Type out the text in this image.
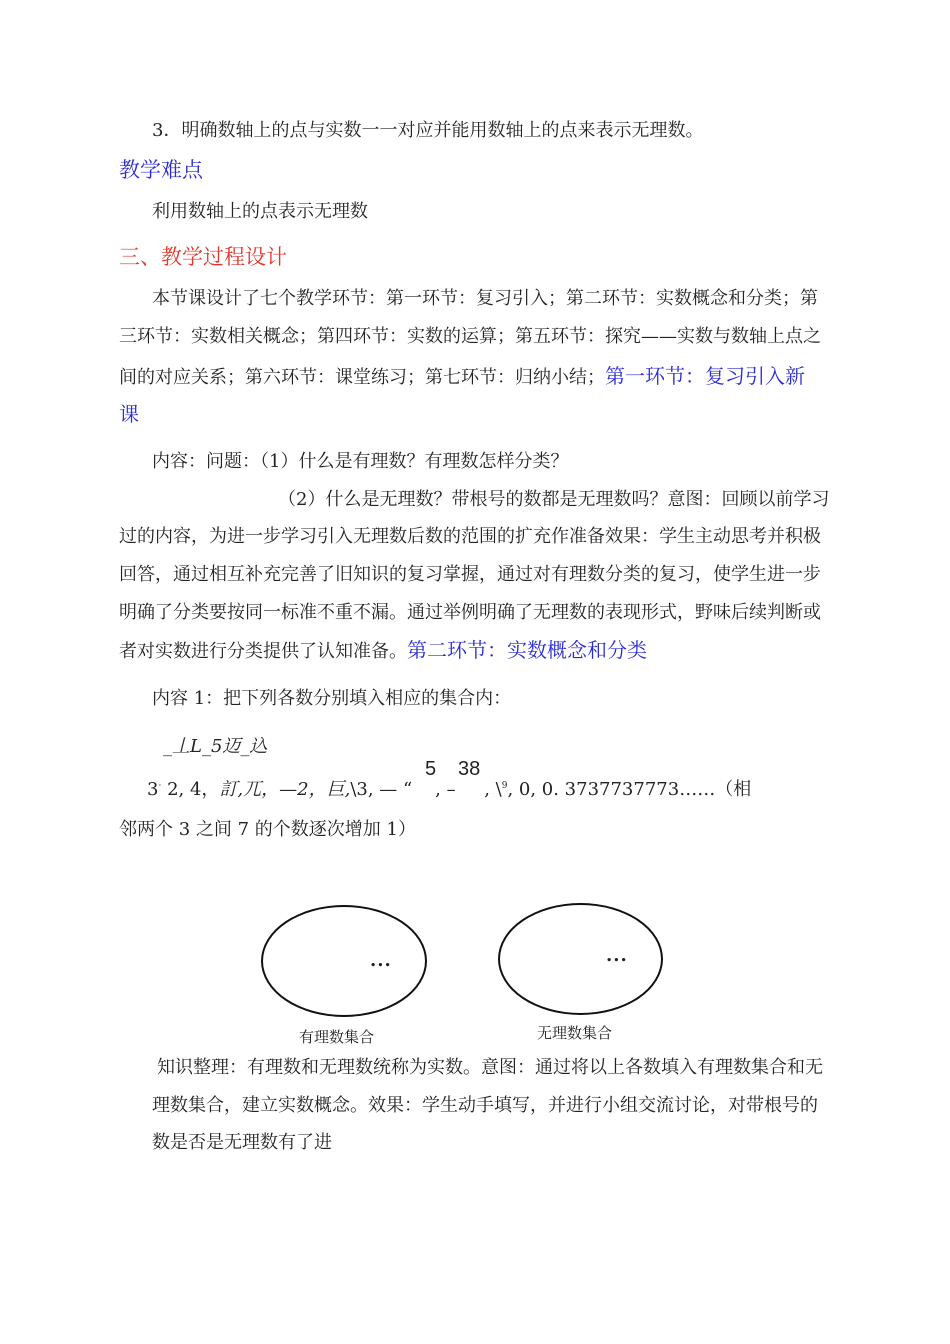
3．明确数轴上的点与实数一一对应并能用数轴上的点来表示无理数。
教学难点
利用数轴上的点表示无理数
三、教学过程设计
本节课设计了七个教学环节：第一环节：复习引入；第二环节：实数概念和分类；第
三环节：实数相关概念；第四环节：实数的运算；第五环节：探究——实数与数轴上点之
间的对应关系；第六环节：课堂练习；第七环节：归纳小结；第一环节：复习引入新
课
内容：问题：（1）什么是有理数？有理数怎样分类？
（2）什么是无理数？带根号的数都是无理数吗？意图：回顾以前学习
过的内容，为进一步学习引入无理数后数的范围的扩充作准备效果：学生主动思考并积极
回答，通过相互补充完善了旧知识的复习掌握，通过对有理数分类的复习，使学生进一步
明确了分类要按同一标准不重不漏。通过举例明确了无理数的表现形式，野味后续判断或
者对实数进行分类提供了认知准备。第二环节：实数概念和分类
内容 1：把下列各数分别填入相应的集合内：
_丄L_5迈_込
3· 2, 4，訂,兀，—2，巨,\3, — “ , – , \$^9$, 0, 0. 3737737773……（相
5 38
邻两个 3 之间 7 的个数逐次增加 1）
...
有理数集合
...
无理数集合
知识整理：有理数和无理数统称为实数。意图：通过将以上各数填入有理数集合和无
理数集合，建立实数概念。效果：学生动手填写，并进行小组交流讨论，对带根号的
数是否是无理数有了进
